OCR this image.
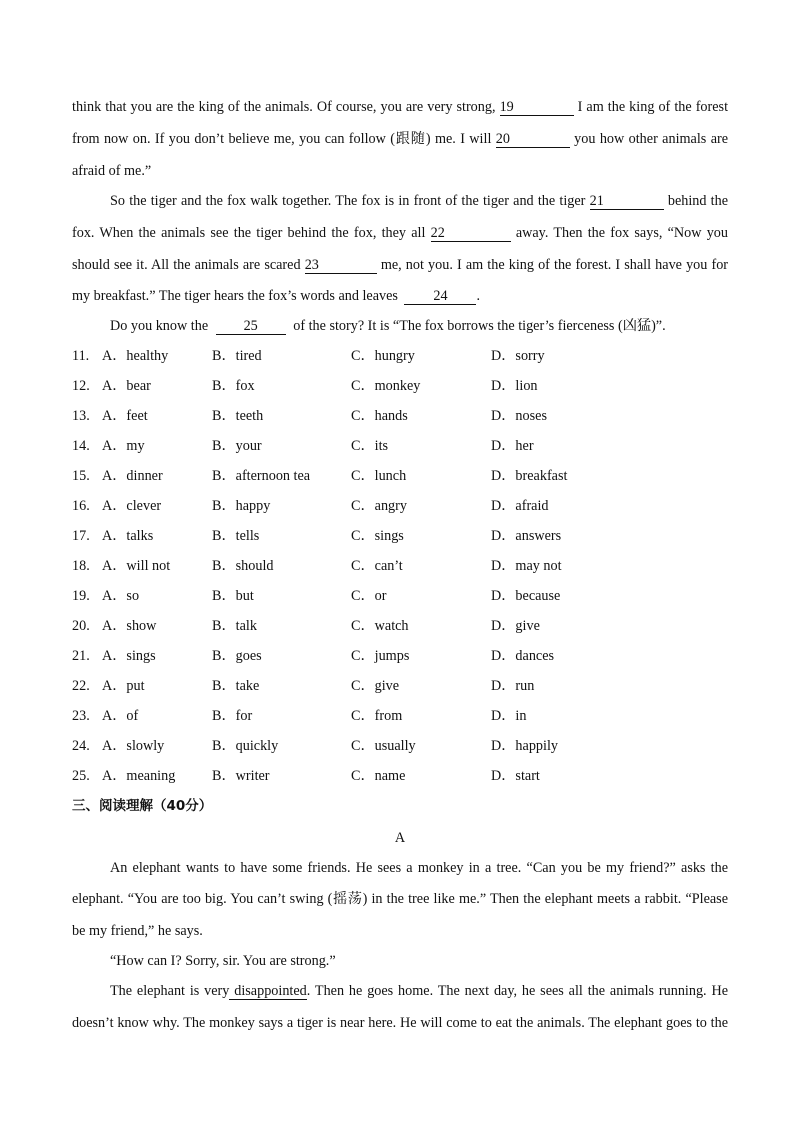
think that you are the king of the animals. Of course, you are very strong, 19	I am the king of the forest
from now on. If you don’t believe me, you can follow (跟随) me. I will 20	you how other animals are
afraid of me.”
So the tiger and the fox walk together. The fox is in front of the tiger and the tiger 21	behind the
fox. When the animals see the tiger behind the fox, they all 22	away. Then the fox says, “Now you
should see it. All the animals are scared 23	me, not you. I am the king of the forest. I shall have you for
my breakfast.” The tiger hears the fox’s words and leaves 24 .
Do you know the 25 of the story? It is “The fox borrows the tiger’s fierceness (凶猛)”.
11. A．healthy	B．tired	C．hungry	D．sorry
12. A．bear	B．fox	C．monkey	D．lion
13. A．feet	B．teeth	C．hands	D．noses
14. A．my	B．your	C．its	D．her
15. A．dinner	B．afternoon tea	C．lunch	D．breakfast
16. A．clever	B．happy	C．angry	D．afraid
17. A．talks	B．tells	C．sings	D．answers
18. A．will not	B．should	C．can’t	D．may not
19. A．so	B．but	C．or	D．because
20. A．show	B．talk	C．watch	D．give
21. A．sings	B．goes	C．jumps	D．dances
22. A．put	B．take	C．give	D．run
23. A．of	B．for	C．from	D．in
24. A．slowly	B．quickly	C．usually	D．happily
25. A．meaning	B．writer	C．name	D．start
三、阅读理解（40分）
A
An elephant wants to have some friends. He sees a monkey in a tree. “Can you be my friend?” asks the
elephant. “You are too big. You can’t swing (摇荡) in the tree like me.” Then the elephant meets a rabbit. “Please
be my friend,” he says.
“How can I? Sorry, sir. You are strong.”
The elephant is very disappointed. Then he goes home. The next day, he sees all the animals running. He
doesn’t know why. The monkey says a tiger is near here. He will come to eat the animals. The elephant goes to the
